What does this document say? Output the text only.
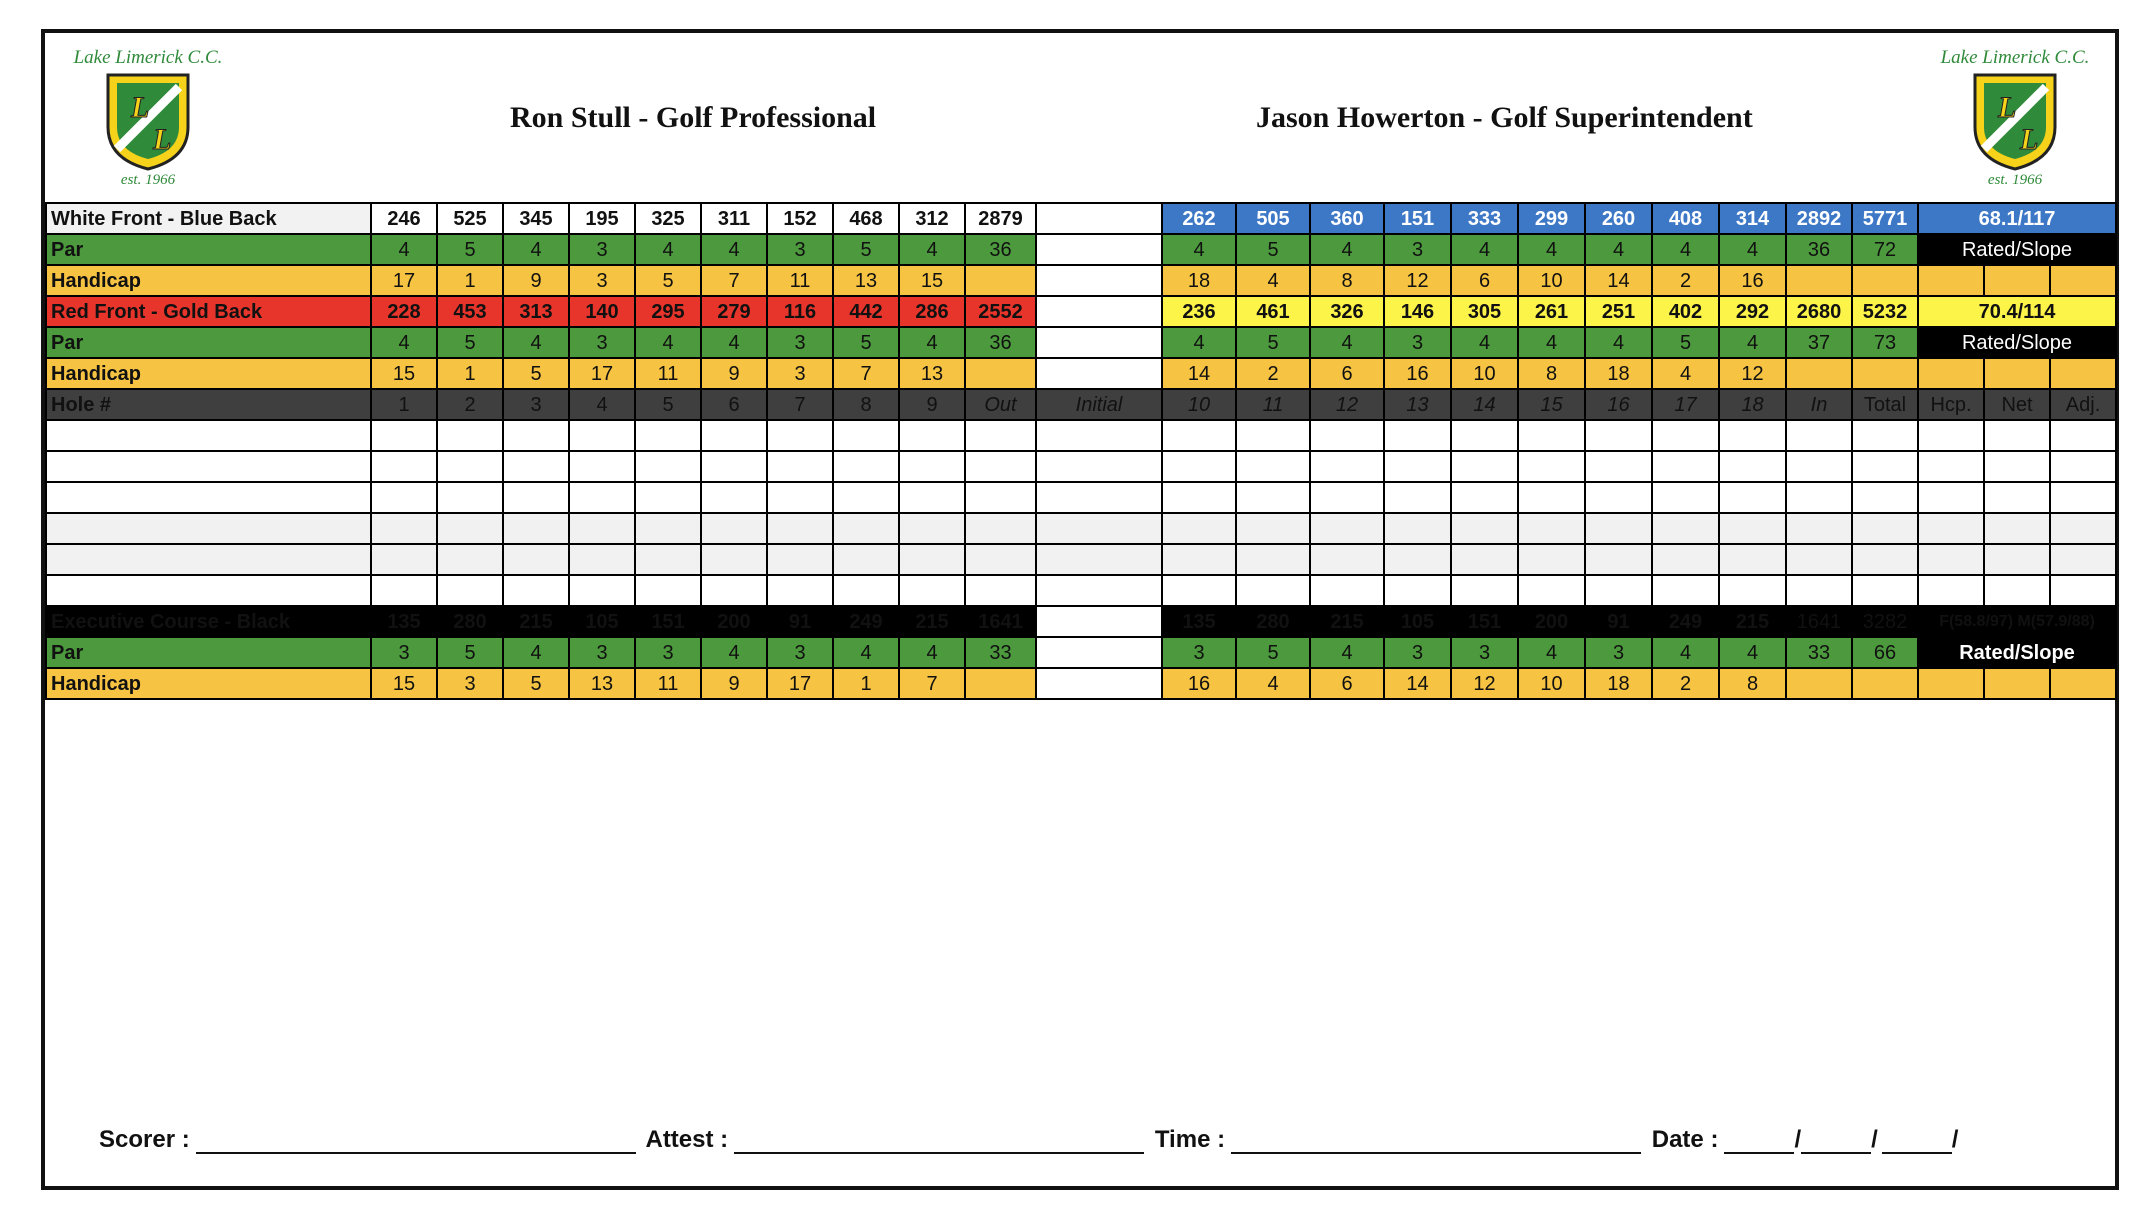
Lake Limerick C.C.
L
L
est. 1966
Lake Limerick C.C.
L
L
est. 1966
Ron Stull - Golf Professional	Jason Howerton - Golf Superintendent
White Front - Blue Back	246	525	345	195	325	311	152	468	312	2879		262	505	360	151	333	299	260	408	314	2892	5771	68.1/117		
Par	4	5	4	3	4	4	3	5	4	36		4	5	4	3	4	4	4	4	4	36	72	Rated/Slope		
Handicap	17	1	9	3	5	7	11	13	15			18	4	8	12	6	10	14	2	16					
Red Front - Gold Back	228	453	313	140	295	279	116	442	286	2552		236	461	326	146	305	261	251	402	292	2680	5232	70.4/114		
Par	4	5	4	3	4	4	3	5	4	36		4	5	4	3	4	4	4	5	4	37	73	Rated/Slope		
Handicap	15	1	5	17	11	9	3	7	13			14	2	6	16	10	8	18	4	12					
Hole #	1	2	3	4	5	6	7	8	9	Out	Initial	10	11	12	13	14	15	16	17	18	In	Total	Hcp.	Net	Adj.

Executive Course - Black	135	280	215	105	151	200	91	249	215	1641		135	280	215	105	151	200	91	249	215	1641	3282	F(58.8/97) M(57.9/88)		
Par	3	5	4	3	3	4	3	4	4	33		3	5	4	3	3	4	3	4	4	33	66	Rated/Slope		
Handicap	15	3	5	13	11	9	17	1	7			16	4	6	14	12	10	18	2	8					
Scorer :	Attest :	Time :	Date :	/	/	/
